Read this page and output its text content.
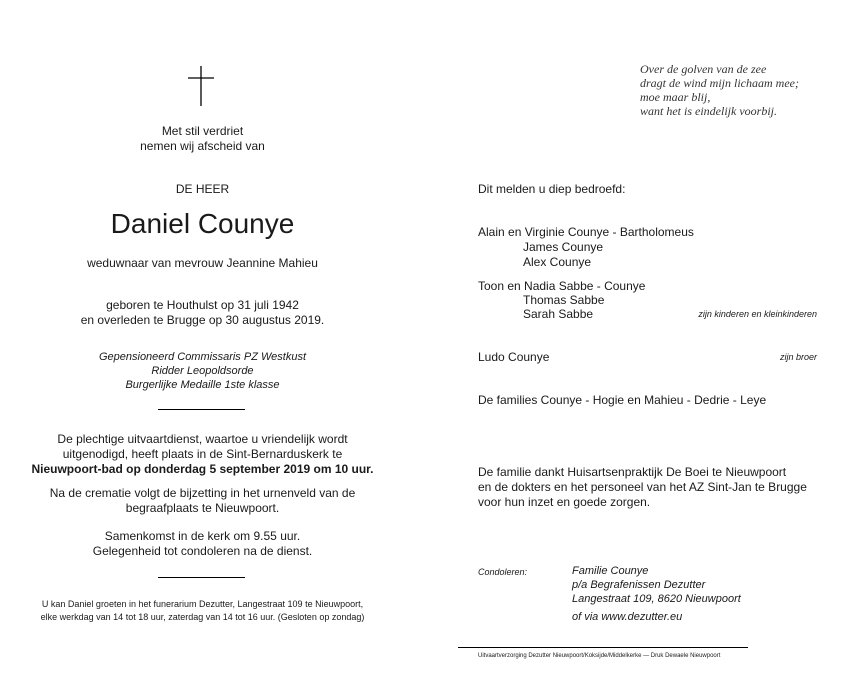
Met stil verdriet
nemen wij afscheid van
DE HEER
Daniel Counye
weduwnaar van mevrouw Jeannine Mahieu
geboren te Houthulst op 31 juli 1942
en overleden te Brugge op 30 augustus 2019.
Gepensioneerd Commissaris PZ Westkust
Ridder Leopoldsorde
Burgerlijke Medaille 1ste klasse
De plechtige uitvaartdienst, waartoe u vriendelijk wordt
uitgenodigd, heeft plaats in de Sint-Bernarduskerk te
Nieuwpoort-bad op donderdag 5 september 2019 om 10 uur.
Na de crematie volgt de bijzetting in het urnenveld van de
begraafplaats te Nieuwpoort.
Samenkomst in de kerk om 9.55 uur.
Gelegenheid tot condoleren na de dienst.
U kan Daniel groeten in het funerarium Dezutter, Langestraat 109 te Nieuwpoort,
elke werkdag van 14 tot 18 uur, zaterdag van 14 tot 16 uur. (Gesloten op zondag)
Over de golven van de zee
dragt de wind mijn lichaam mee;
moe maar blij,
want het is eindelijk voorbij.
Dit melden u diep bedroefd:
Alain en Virginie Counye - Bartholomeus
James Counye
Alex Counye
Toon en Nadia Sabbe - Counye
Thomas Sabbe
Sarah Sabbe	zijn kinderen en kleinkinderen
Ludo Counye	zijn broer
De families Counye - Hogie en Mahieu - Dedrie - Leye
De familie dankt Huisartsenpraktijk De Boei te Nieuwpoort
en de dokters en het personeel van het AZ Sint-Jan te Brugge
voor hun inzet en goede zorgen.
Condoleren:	Familie Counye
p/a Begrafenissen Dezutter
Langestraat 109, 8620 Nieuwpoort
of via www.dezutter.eu
Uitvaartverzorging Dezutter Nieuwpoort/Koksijde/Middelkerke — Druk Dewaele Nieuwpoort
